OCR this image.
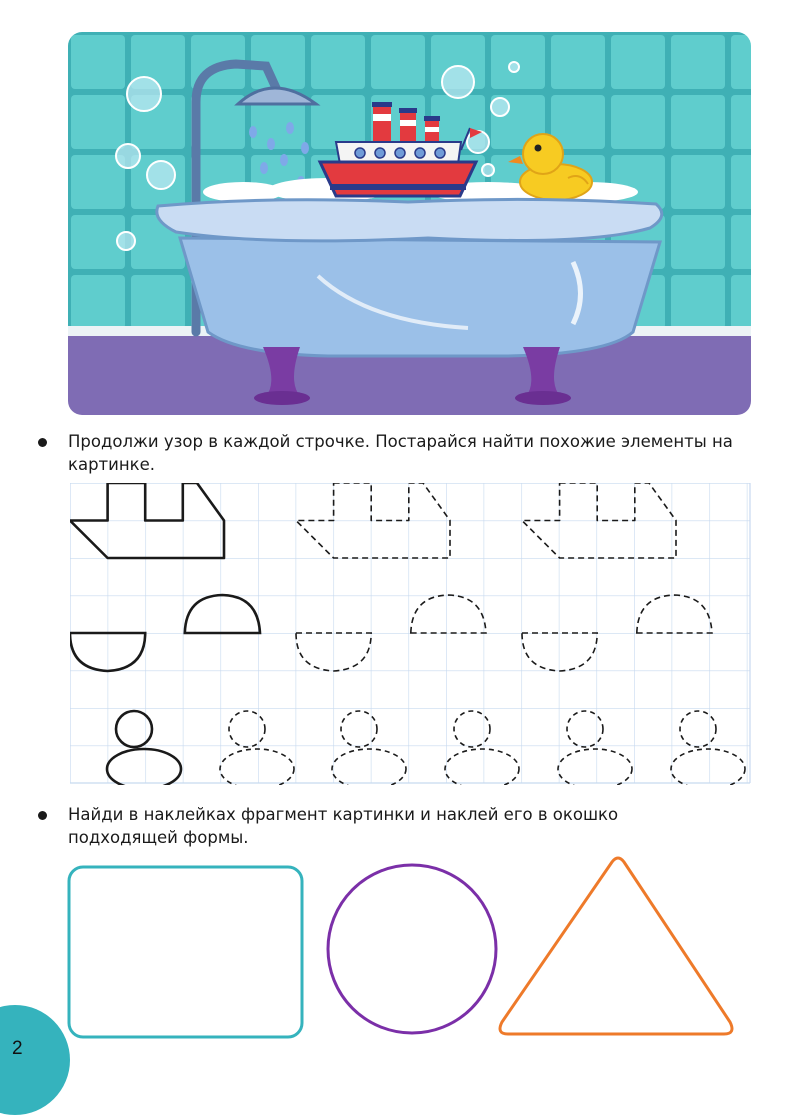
Продолжи узор в каждой строчке. Постарайся найти похожие элементы на картинке.
Найди в наклейках фрагмент картинки и наклей его в окошко подходящей формы.
2
